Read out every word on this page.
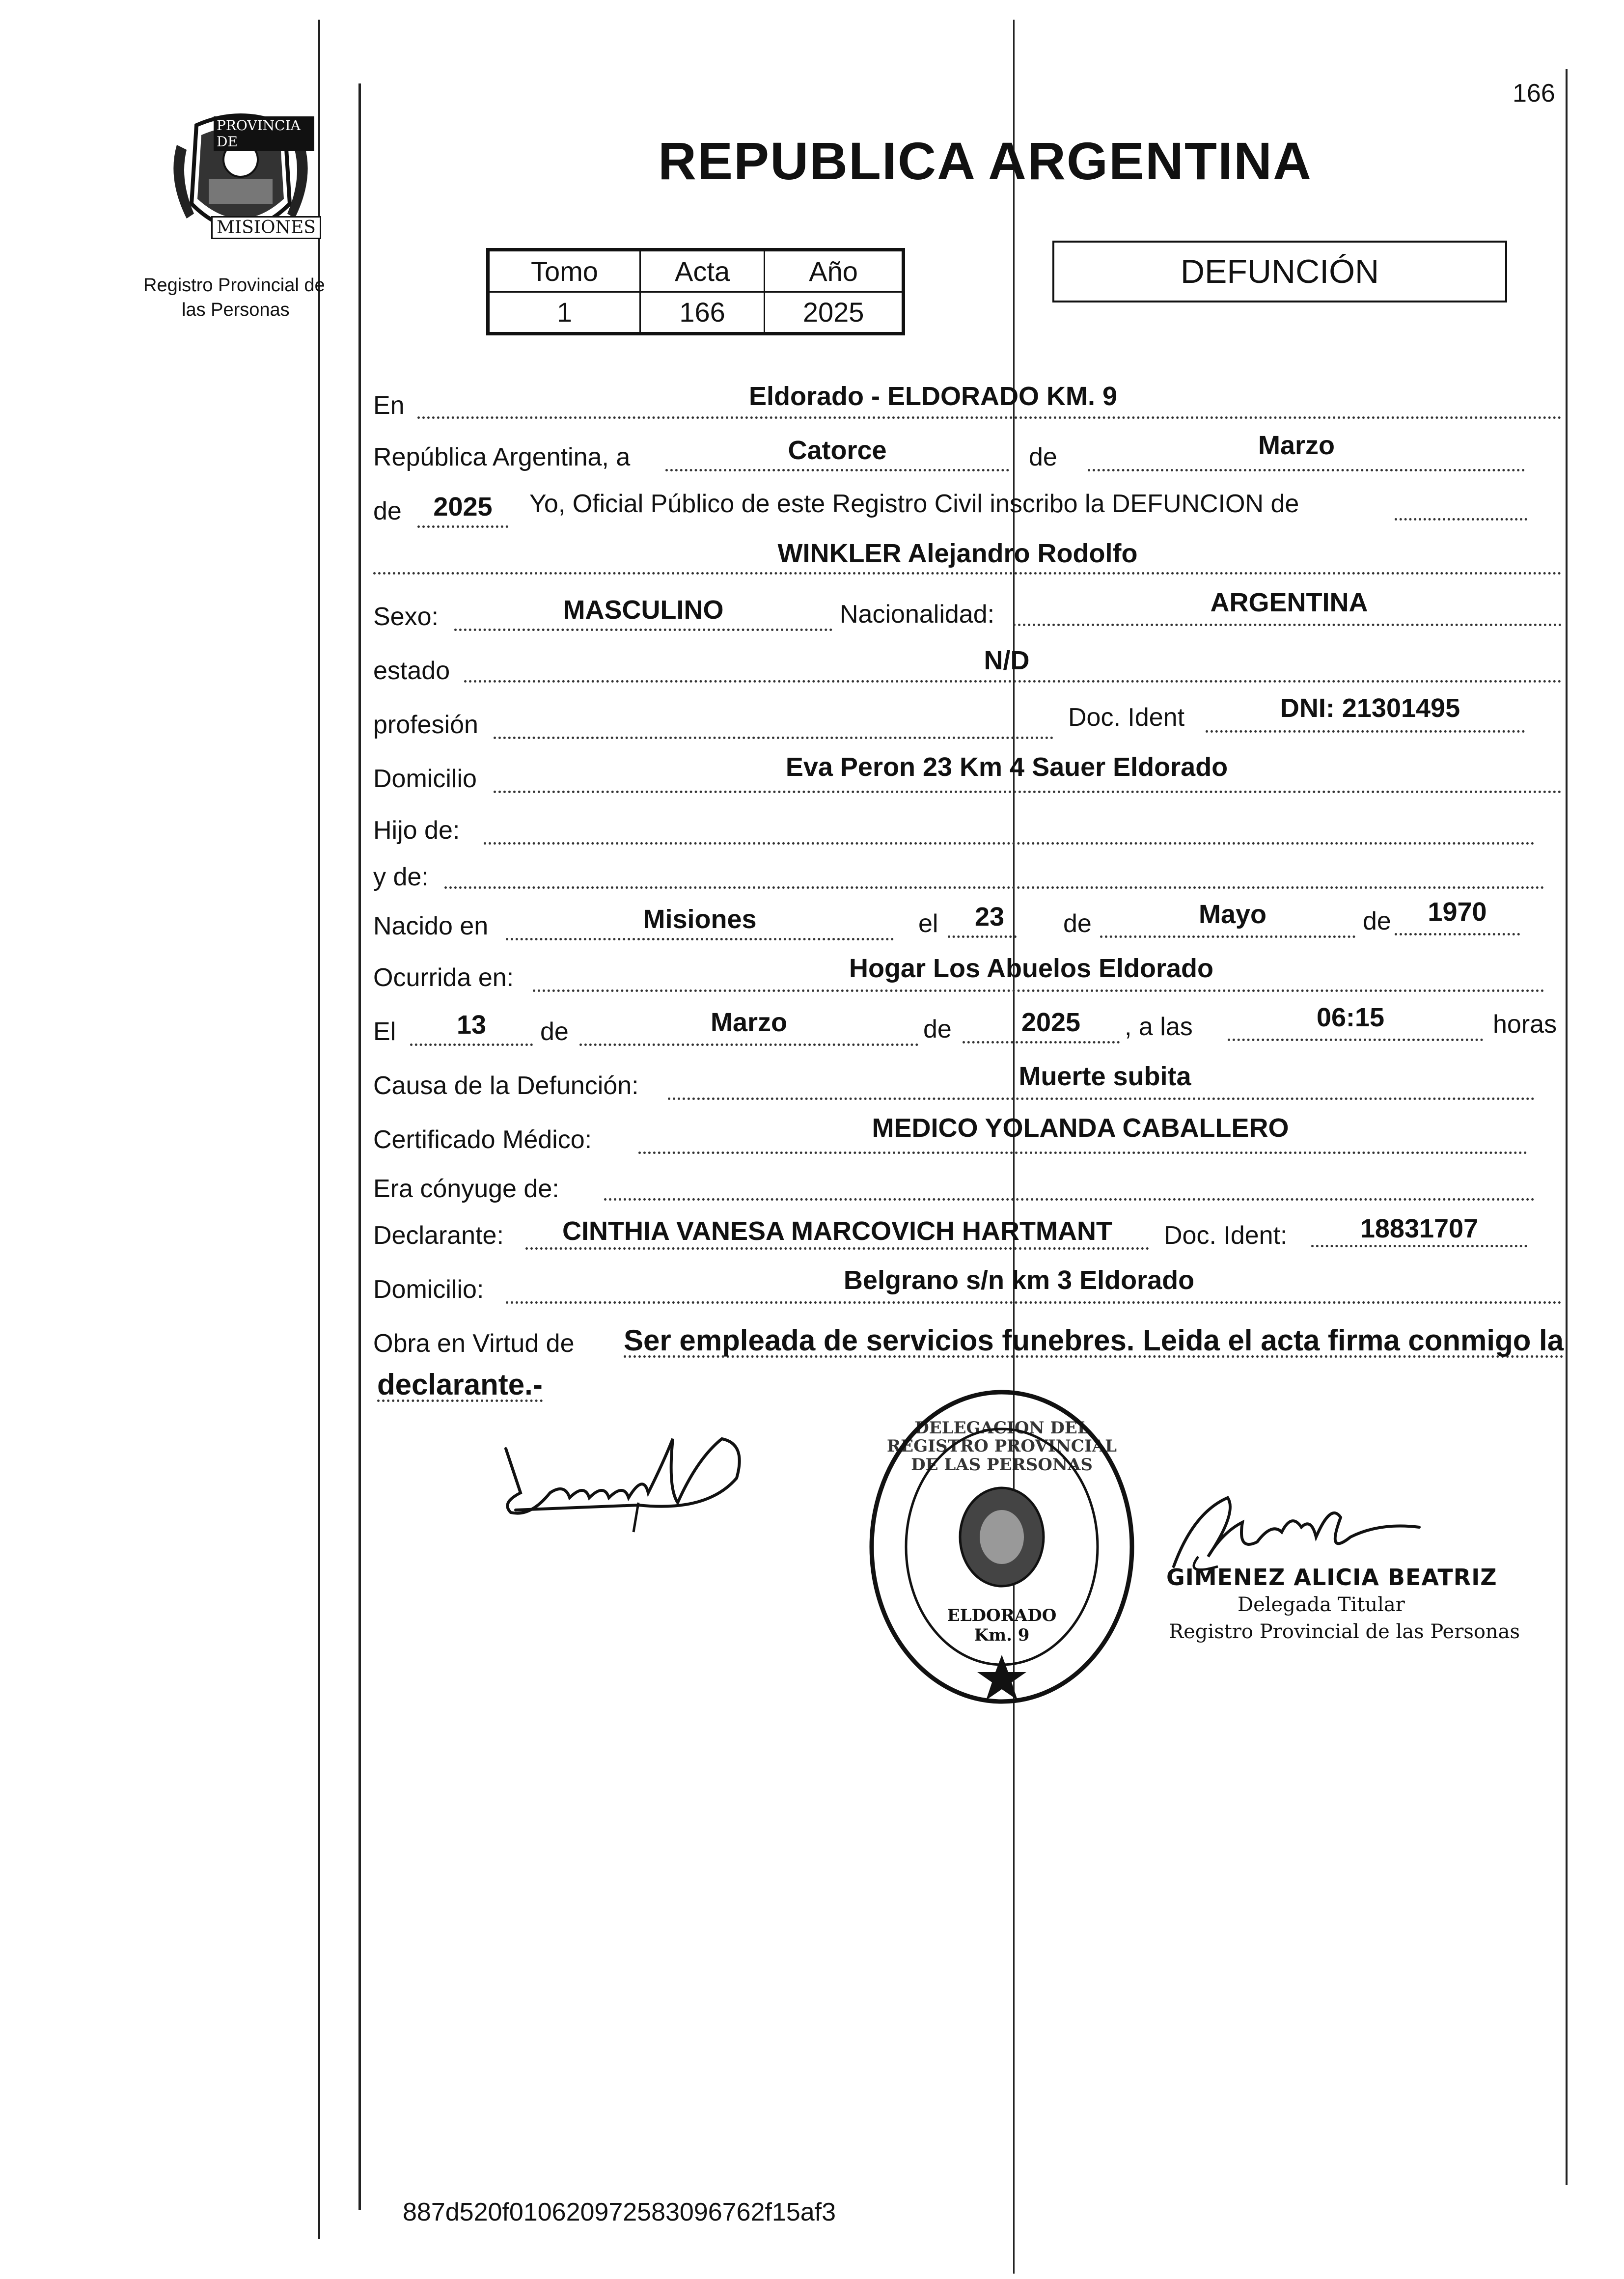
166
REPUBLICA ARGENTINA
PROVINCIA DE
MISIONES
Registro Provincial de
las Personas
Tomo	Acta	Año
1	166	2025
DEFUNCIÓN
En	Eldorado - ELDORADO KM. 9
República Argentina, a	Catorce	de	Marzo
de	2025	Yo, Oficial Público de este Registro Civil inscribo la DEFUNCION de
WINKLER Alejandro Rodolfo
Sexo:	MASCULINO	Nacionalidad:	ARGENTINA
estado	N/D
profesión	Doc. Ident	DNI: 21301495
Domicilio	Eva Peron 23 Km 4 Sauer Eldorado
Hijo de:
y de:
Nacido en	Misiones	el 23 de	Mayo	de	1970
Ocurrida en:	Hogar Los Abuelos Eldorado
El	13	de	Marzo	de	2025	, a las	06:15	horas
Causa de la Defunción:	Muerte subita
Certificado Médico:	MEDICO YOLANDA CABALLERO
Era cónyuge de:
Declarante:	CINTHIA VANESA MARCOVICH HARTMANT	Doc. Ident:	18831707
Domicilio:	Belgrano s/n km 3 Eldorado
Obra en Virtud de Ser empleada de servicios funebres. Leida el acta firma conmigo la
declarante.-
DELEGACION DEL REGISTRO PROVINCIAL DE LAS PERSONAS
ELDORADO Km. 9
GIMENEZ ALICIA BEATRIZ
Delegada Titular
Registro Provincial de las Personas
887d520f010620972583096762f15af3
